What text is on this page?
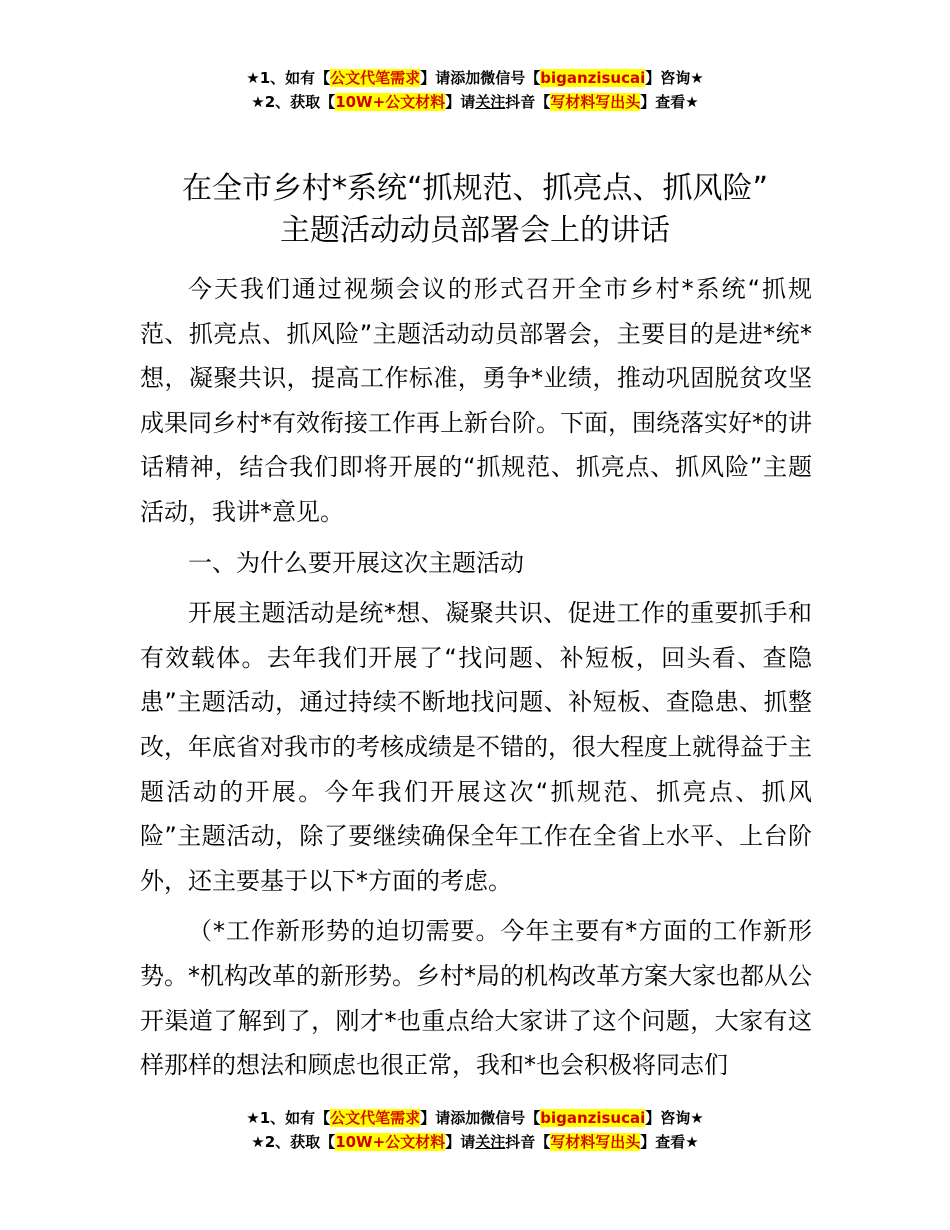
★1、如有【公文代笔需求】请添加微信号【biganzisucai】咨询★
★2、获取【10W+公文材料】请关注抖音【写材料写出头】查看★
在全市乡村*系统“抓规范、抓亮点、抓风险”
主题活动动员部署会上的讲话

今天我们通过视频会议的形式召开全市乡村*系统“抓规范、抓亮点、抓风险”主题活动动员部署会，主要目的是进*统*想，凝聚共识，提高工作标准，勇争*业绩，推动巩固脱贫攻坚成果同乡村*有效衔接工作再上新台阶。下面，围绕落实好*的讲话精神，结合我们即将开展的“抓规范、抓亮点、抓风险”主题活动，我讲*意见。

一、为什么要开展这次主题活动

开展主题活动是统*想、凝聚共识、促进工作的重要抓手和有效载体。去年我们开展了“找问题、补短板，回头看、查隐患”主题活动，通过持续不断地找问题、补短板、查隐患、抓整改，年底省对我市的考核成绩是不错的，很大程度上就得益于主题活动的开展。今年我们开展这次“抓规范、抓亮点、抓风险”主题活动，除了要继续确保全年工作在全省上水平、上台阶外，还主要基于以下*方面的考虑。

（*工作新形势的迫切需要。今年主要有*方面的工作新形势。*机构改革的新形势。乡村*局的机构改革方案大家也都从公开渠道了解到了，刚才*也重点给大家讲了这个问题，大家有这样那样的想法和顾虑也很正常，我和*也会积极将同志们

★1、如有【公文代笔需求】请添加微信号【biganzisucai】咨询★
★2、获取【10W+公文材料】请关注抖音【写材料写出头】查看★
